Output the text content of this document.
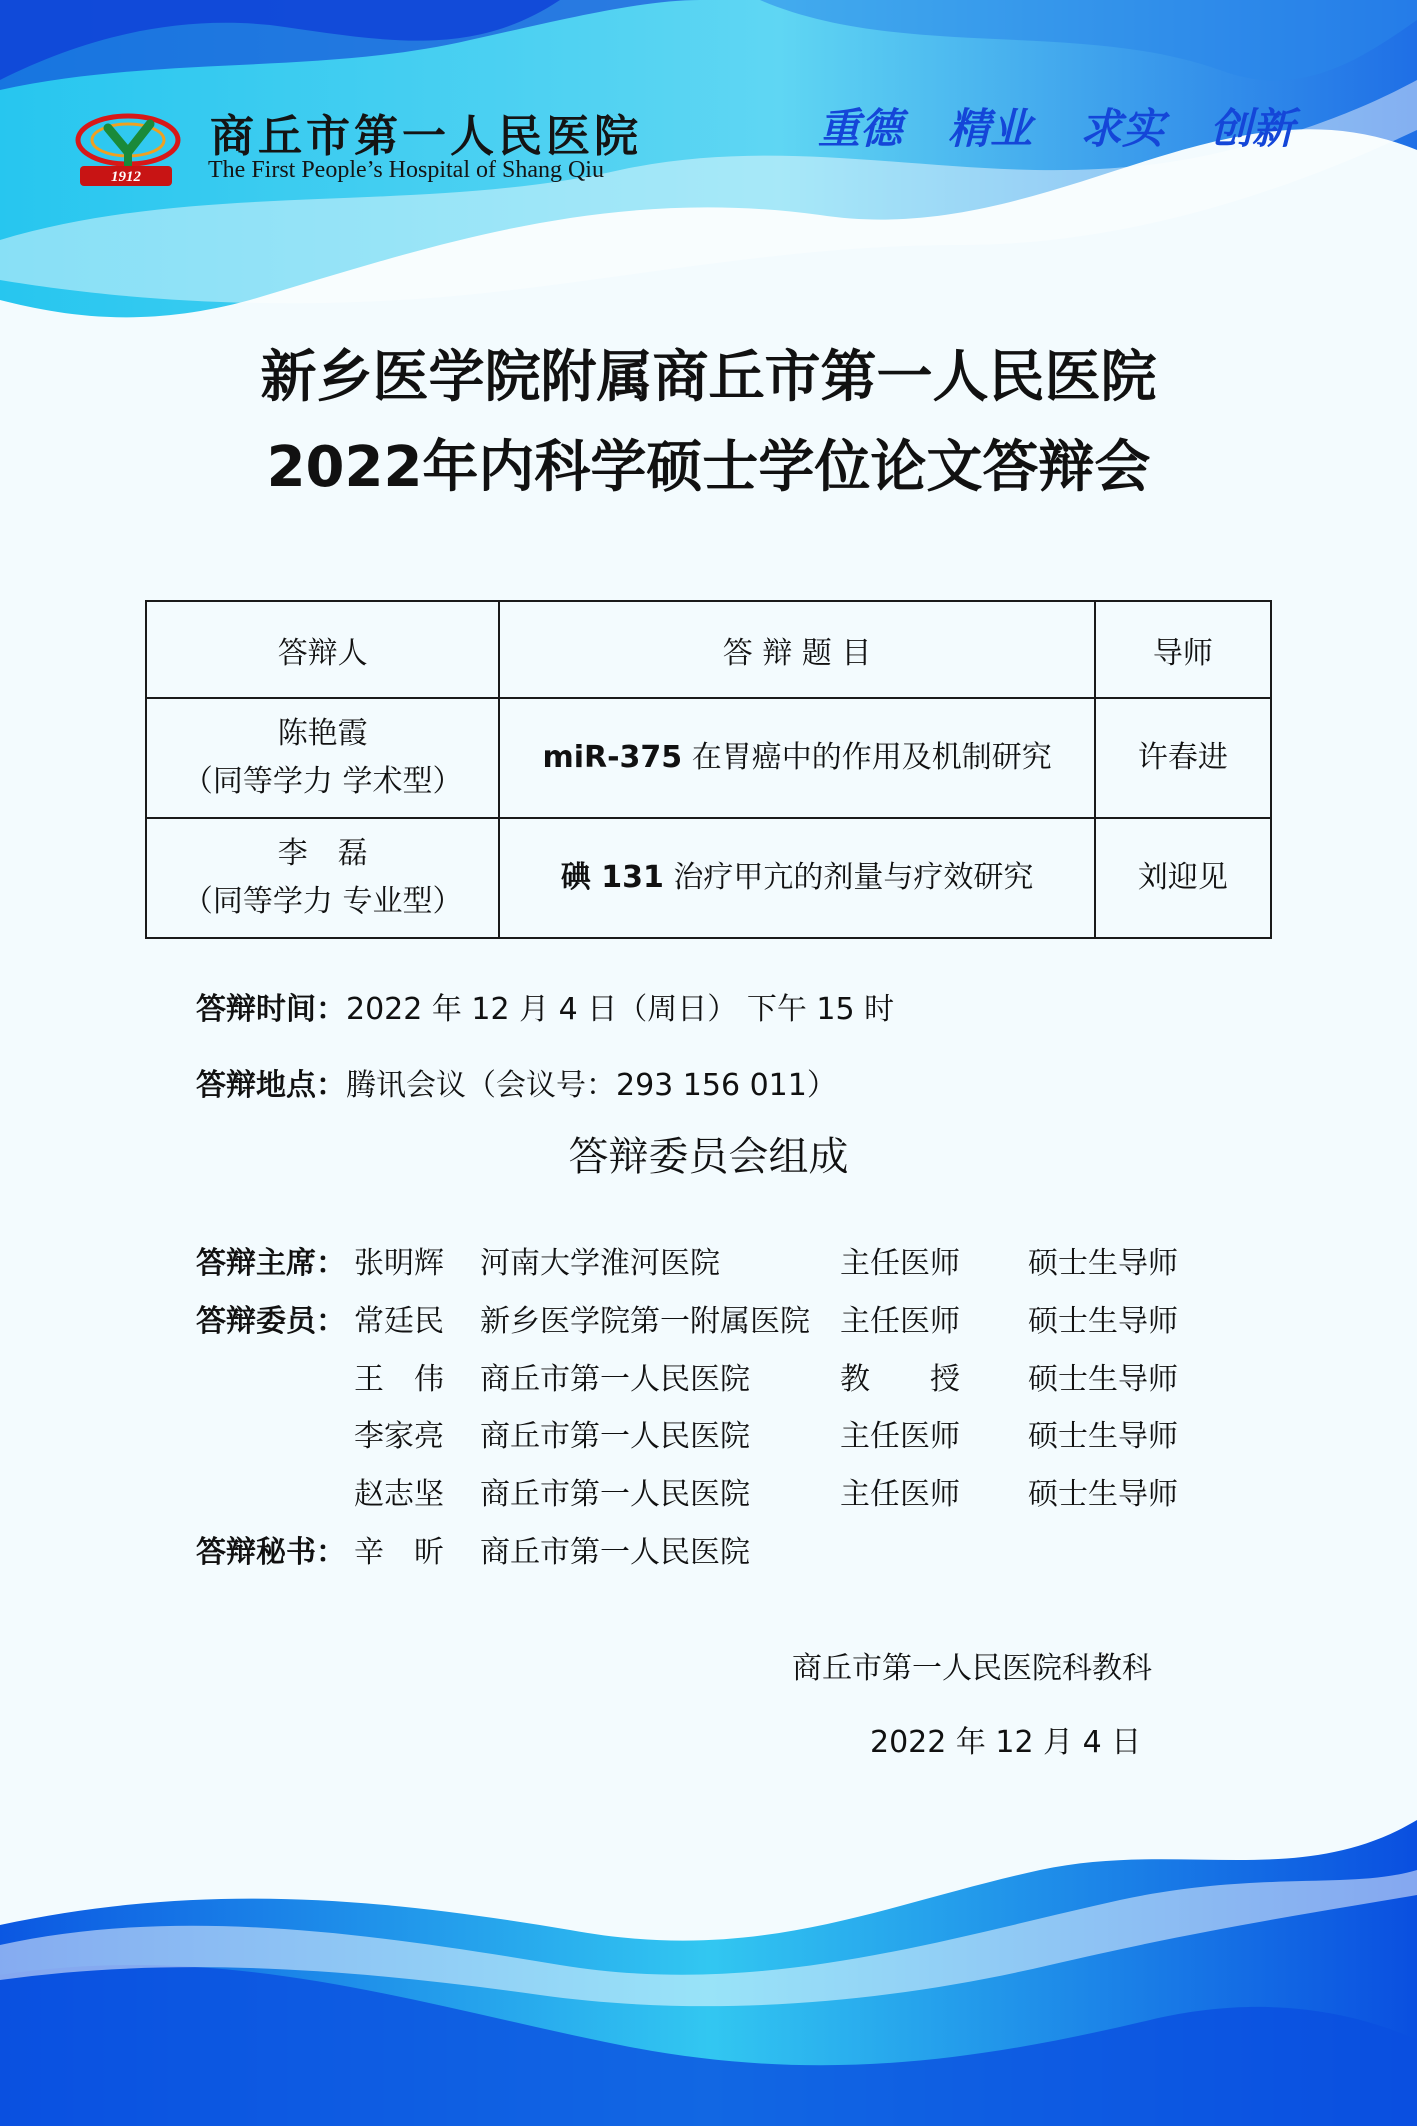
1912
商丘市第一人民医院
The First People’s Hospital of Shang Qiu
重德 精业 求实 创新
新乡医学院附属商丘市第一人民医院
2022年内科学硕士学位论文答辩会
答辩人	答 辩 题 目	导师

陈艳霞
（同等学力 学术型）	miR-375 在胃癌中的作用及机制研究	许春进

李　磊
（同等学力 专业型）	碘 131 治疗甲亢的剂量与疗效研究	刘迎见
答辩时间：2022 年 12 月 4 日（周日） 下午 15 时
答辩地点：腾讯会议（会议号：293 156 011）
答辩委员会组成
答辩主席： 张明辉 河南大学淮河医院	主任医师 硕士生导师
答辩委员： 常廷民 新乡医学院第一附属医院 主任医师 硕士生导师
王　伟 商丘市第一人民医院	教　　授 硕士生导师
李家亮 商丘市第一人民医院	主任医师 硕士生导师
赵志坚 商丘市第一人民医院	主任医师 硕士生导师
答辩秘书： 辛　昕 商丘市第一人民医院
商丘市第一人民医院科教科
2022 年 12 月 4 日
